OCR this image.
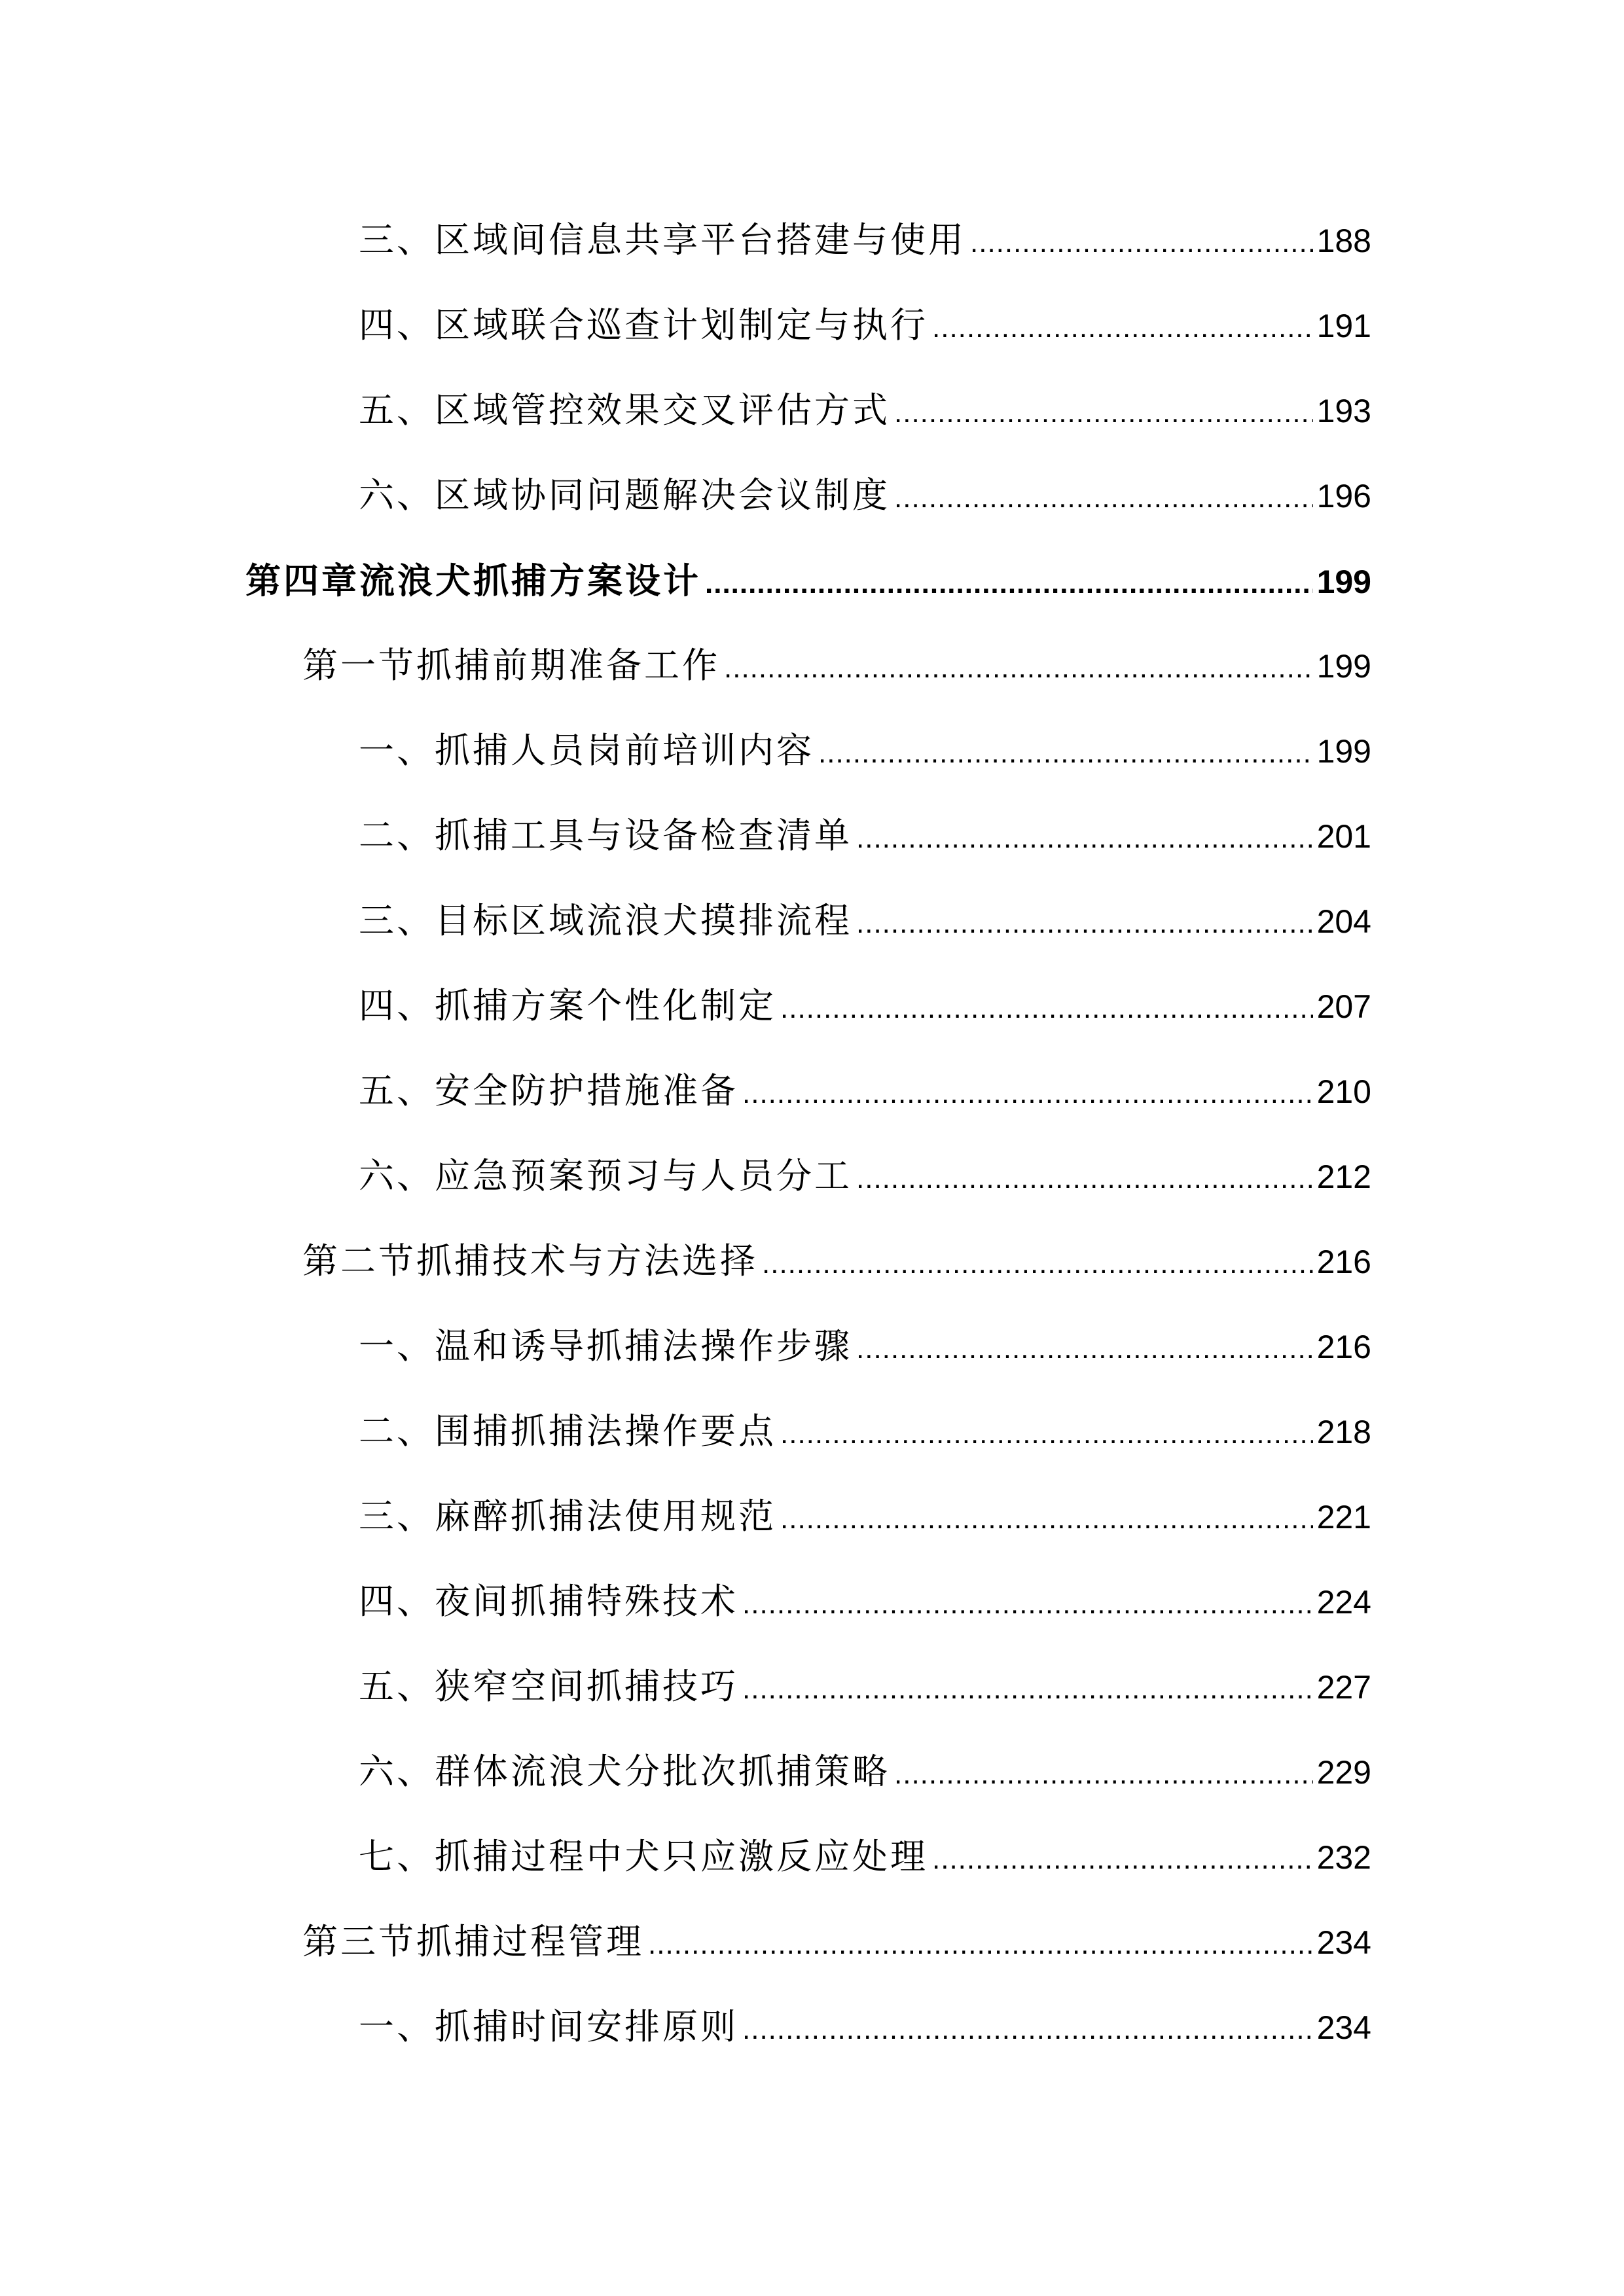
三、区域间信息共享平台搭建与使用 .....	188
四、区域联合巡查计划制定与执行 .....	191
五、区域管控效果交叉评估方式 .....	193
六、区域协同问题解决会议制度 .....	196
第四章流浪犬抓捕方案设计 .....	199
第一节抓捕前期准备工作 .....	199
一、抓捕人员岗前培训内容 .....	199
二、抓捕工具与设备检查清单 .....	201
三、目标区域流浪犬摸排流程 .....	204
四、抓捕方案个性化制定 .....	207
五、安全防护措施准备 .....	210
六、应急预案预习与人员分工 .....	212
第二节抓捕技术与方法选择 .....	216
一、温和诱导抓捕法操作步骤 .....	216
二、围捕抓捕法操作要点 .....	218
三、麻醉抓捕法使用规范 .....	221
四、夜间抓捕特殊技术 .....	224
五、狭窄空间抓捕技巧 .....	227
六、群体流浪犬分批次抓捕策略 .....	229
七、抓捕过程中犬只应激反应处理 .....	232
第三节抓捕过程管理 .....	234
一、抓捕时间安排原则 .....	234
